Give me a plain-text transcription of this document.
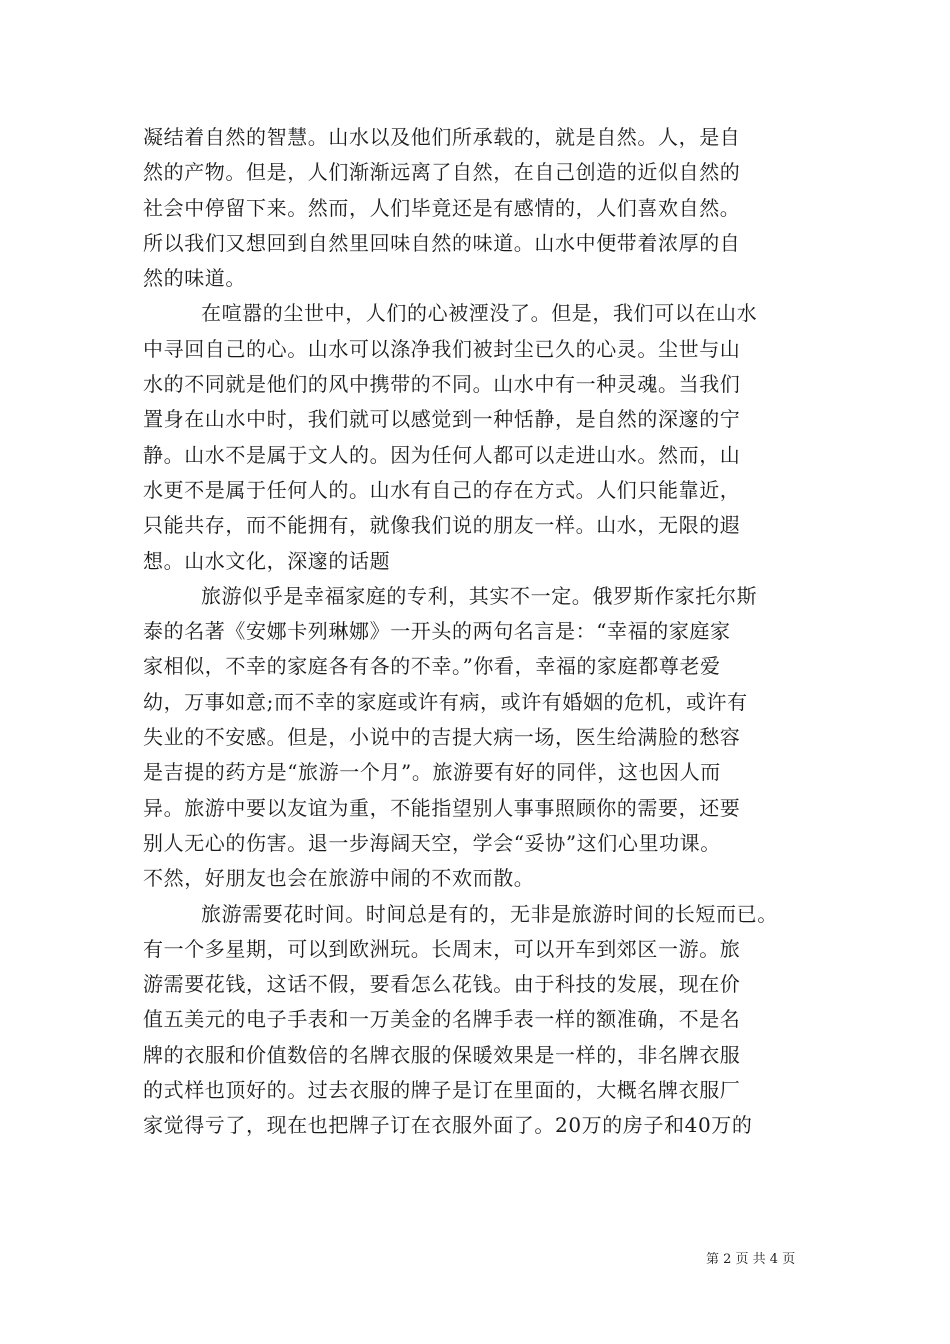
凝结着自然的智慧。山水以及他们所承载的，就是自然。人，是自
然的产物。但是，人们渐渐远离了自然，在自己创造的近似自然的
社会中停留下来。然而，人们毕竟还是有感情的，人们喜欢自然。
所以我们又想回到自然里回味自然的味道。山水中便带着浓厚的自
然的味道。
在喧嚣的尘世中，人们的心被湮没了。但是，我们可以在山水
中寻回自己的心。山水可以涤净我们被封尘已久的心灵。尘世与山
水的不同就是他们的风中携带的不同。山水中有一种灵魂。当我们
置身在山水中时，我们就可以感觉到一种恬静，是自然的深邃的宁
静。山水不是属于文人的。因为任何人都可以走进山水。然而，山
水更不是属于任何人的。山水有自己的存在方式。人们只能靠近，
只能共存，而不能拥有，就像我们说的朋友一样。山水，无限的遐
想。山水文化，深邃的话题
旅游似乎是幸福家庭的专利，其实不一定。俄罗斯作家托尔斯
泰的名著《安娜卡列琳娜》一开头的两句名言是：“幸福的家庭家
家相似，不幸的家庭各有各的不幸。”你看，幸福的家庭都尊老爱
幼，万事如意;而不幸的家庭或许有病，或许有婚姻的危机，或许有
失业的不安感。但是，小说中的吉提大病一场，医生给满脸的愁容
是吉提的药方是“旅游一个月”。旅游要有好的同伴，这也因人而
异。旅游中要以友谊为重，不能指望别人事事照顾你的需要，还要
别人无心的伤害。退一步海阔天空，学会“妥协”这们心里功课。
不然，好朋友也会在旅游中闹的不欢而散。
旅游需要花时间。时间总是有的，无非是旅游时间的长短而已。
有一个多星期，可以到欧洲玩。长周末，可以开车到郊区一游。旅
游需要花钱，这话不假，要看怎么花钱。由于科技的发展，现在价
值五美元的电子手表和一万美金的名牌手表一样的额准确，不是名
牌的衣服和价值数倍的名牌衣服的保暖效果是一样的，非名牌衣服
的式样也顶好的。过去衣服的牌子是订在里面的，大概名牌衣服厂
家觉得亏了，现在也把牌子订在衣服外面了。20万的房子和40万的
第 2 页 共 4 页
